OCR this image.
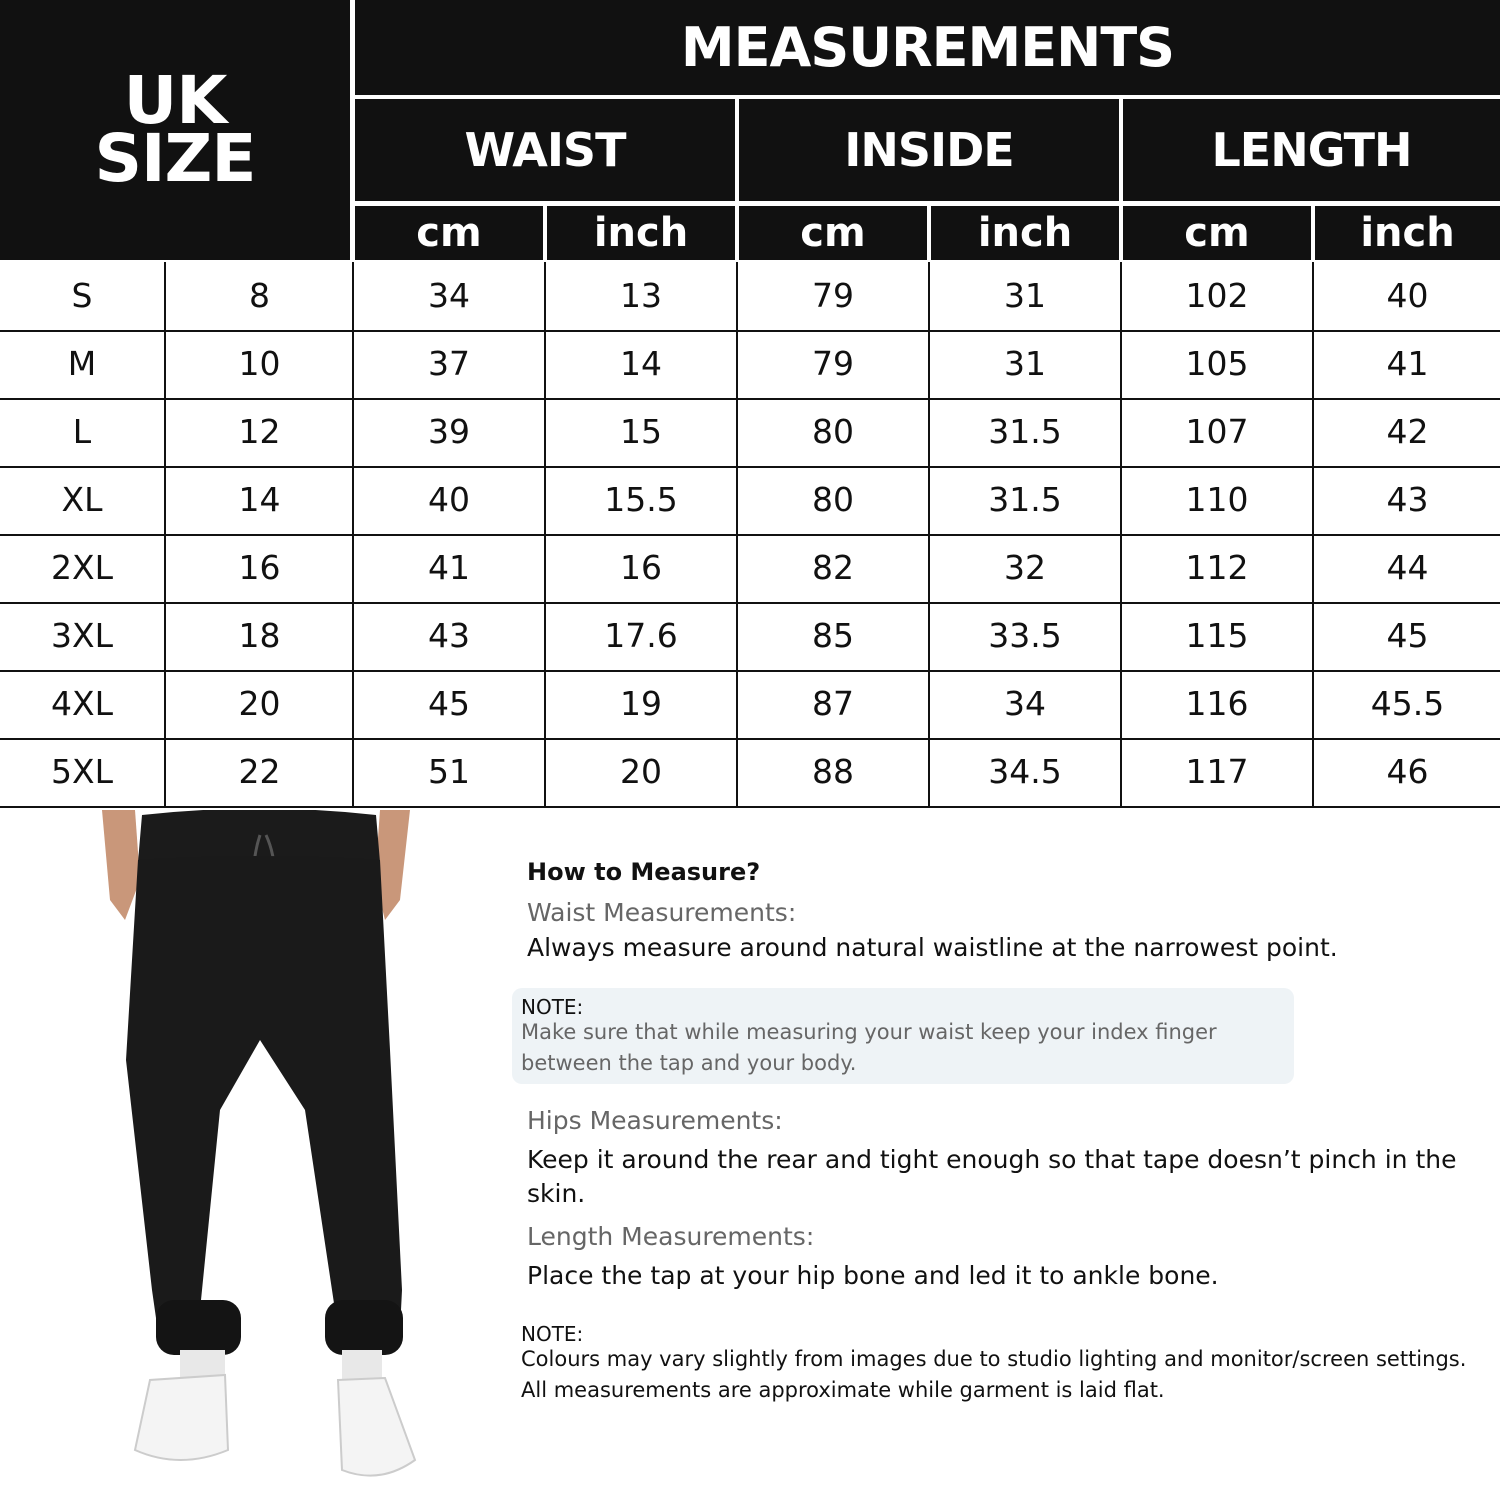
UK
SIZE
MEASUREMENTS
WAIST	INSIDE	LENGTH
cm	inch	cm	inch	cm	inch
S	8	34	13	79	31	102	40
M	10	37	14	79	31	105	41
L	12	39	15	80	31.5	107	42
XL	14	40	15.5	80	31.5	110	43
2XL	16	41	16	82	32	112	44
3XL	18	43	17.6	85	33.5	115	45
4XL	20	45	19	87	34	116	45.5
5XL	22	51	20	88	34.5	117	46
How to Measure?
Waist Measurements:
Always measure around natural waistline at the narrowest point.
NOTE:
Make sure that while measuring your waist keep your index finger between the tap and your body.
Hips Measurements:
Keep it around the rear and tight enough so that tape doesn’t pinch in the skin.
Length Measurements:
Place the tap at your hip bone and led it to ankle bone.
NOTE:
Colours may vary slightly from images due to studio lighting and monitor/screen settings. All measurements are approximate while garment is laid flat.
